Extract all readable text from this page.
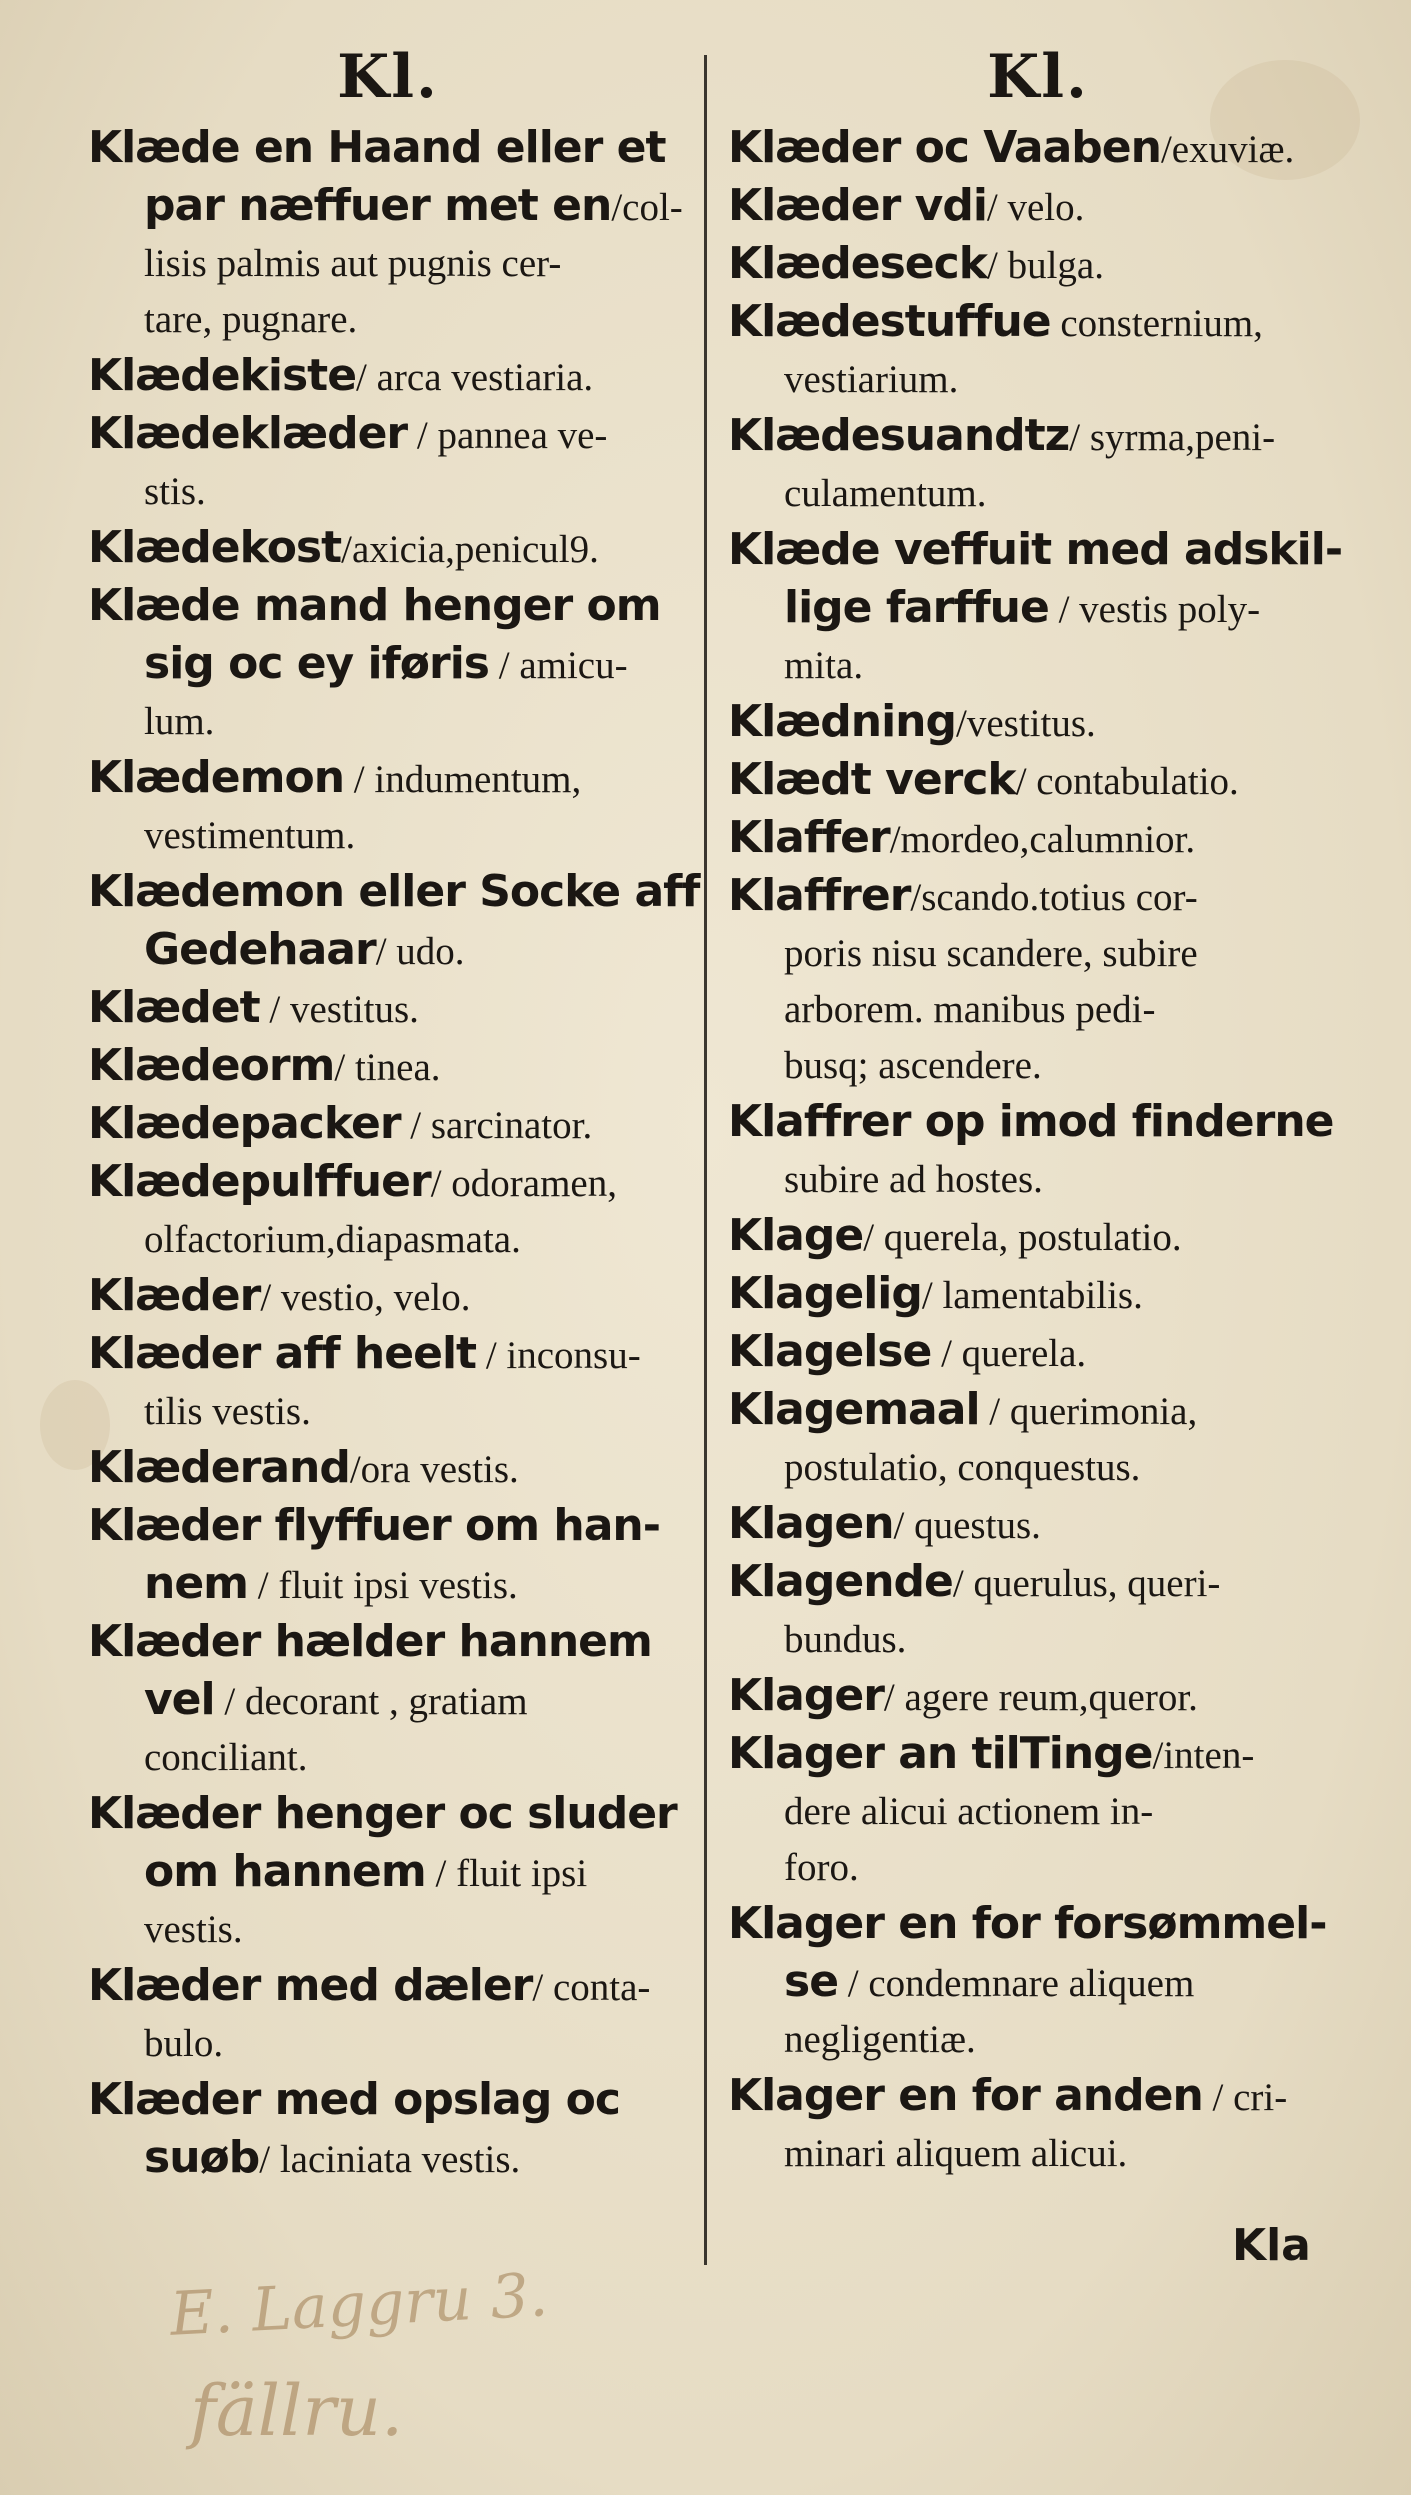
Kl.
Klæde en Haand eller et
par næffuer met en/col-
lisis palmis aut pugnis cer-
tare, pugnare.
Klædekiste/ arca vestiaria.
Klædeklæder / pannea ve-
stis.
Klædekost/axicia,penicul9.
Klæde mand henger om
sig oc ey iføris / amicu-
lum.
Klædemon / indumentum,
vestimentum.
Klædemon eller Socke aff
Gedehaar/ udo.
Klædet / vestitus.
Klædeorm/ tinea.
Klædepacker / sarcinator.
Klædepulffuer/ odoramen,
olfactorium,diapasmata.
Klæder/ vestio, velo.
Klæder aff heelt / inconsu-
tilis vestis.
Klæderand/ora vestis.
Klæder flyffuer om han-
nem / fluit ipsi vestis.
Klæder hælder hannem
vel / decorant , gratiam
conciliant.
Klæder henger oc sluder
om hannem / fluit ipsi
vestis.
Klæder med dæler/ conta-
bulo.
Klæder med opslag oc
suøb/ laciniata vestis.
Kl.
Klæder oc Vaaben/exuviæ.
Klæder vdi/ velo.
Klædeseck/ bulga.
Klædestuffue consternium,
vestiarium.
Klædesuandtz/ syrma,peni-
culamentum.
Klæde veffuit med adskil-
lige farffue / vestis poly-
mita.
Klædning/vestitus.
Klædt verck/ contabulatio.
Klaffer/mordeo,calumnior.
Klaffrer/scando.totius cor-
poris nisu scandere, subire
arborem. manibus pedi-
busq; ascendere.
Klaffrer op imod finderne
subire ad hostes.
Klage/ querela, postulatio.
Klagelig/ lamentabilis.
Klagelse / querela.
Klagemaal / querimonia,
postulatio, conquestus.
Klagen/ questus.
Klagende/ querulus, queri-
bundus.
Klager/ agere reum,queror.
Klager an tilTinge/inten-
dere alicui actionem in-
foro.
Klager en for forsømmel-
se / condemnare aliquem
negligentiæ.
Klager en for anden / cri-
minari aliquem alicui.
Kla
E. Laggru 3.
fällru.
